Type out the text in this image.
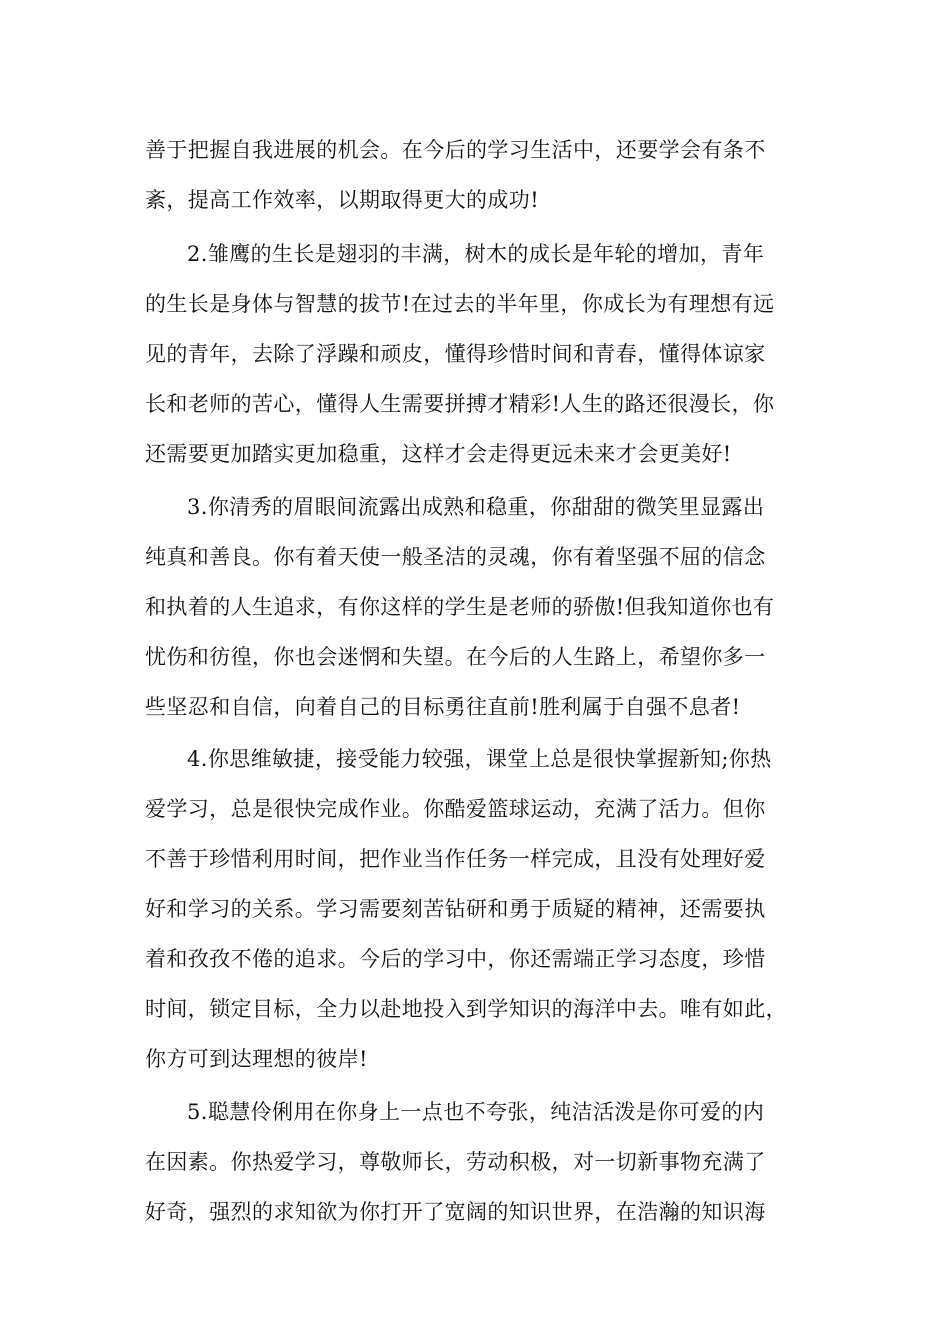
善于把握自我进展的机会。在今后的学习生活中，还要学会有条不
紊，提高工作效率，以期取得更大的成功!
2.雏鹰的生长是翅羽的丰满，树木的成长是年轮的增加，青年
的生长是身体与智慧的拔节!在过去的半年里，你成长为有理想有远
见的青年，去除了浮躁和顽皮，懂得珍惜时间和青春，懂得体谅家
长和老师的苦心，懂得人生需要拼搏才精彩!人生的路还很漫长，你
还需要更加踏实更加稳重，这样才会走得更远未来才会更美好!
3.你清秀的眉眼间流露出成熟和稳重，你甜甜的微笑里显露出
纯真和善良。你有着天使一般圣洁的灵魂，你有着坚强不屈的信念
和执着的人生追求，有你这样的学生是老师的骄傲!但我知道你也有
忧伤和彷徨，你也会迷惘和失望。在今后的人生路上，希望你多一
些坚忍和自信，向着自己的目标勇往直前!胜利属于自强不息者!
4.你思维敏捷，接受能力较强，课堂上总是很快掌握新知;你热
爱学习，总是很快完成作业。你酷爱篮球运动，充满了活力。但你
不善于珍惜利用时间，把作业当作任务一样完成，且没有处理好爱
好和学习的关系。学习需要刻苦钻研和勇于质疑的精神，还需要执
着和孜孜不倦的追求。今后的学习中，你还需端正学习态度，珍惜
时间，锁定目标，全力以赴地投入到学知识的海洋中去。唯有如此，
你方可到达理想的彼岸!
5.聪慧伶俐用在你身上一点也不夸张，纯洁活泼是你可爱的内
在因素。你热爱学习，尊敬师长，劳动积极，对一切新事物充满了
好奇，强烈的求知欲为你打开了宽阔的知识世界，在浩瀚的知识海
